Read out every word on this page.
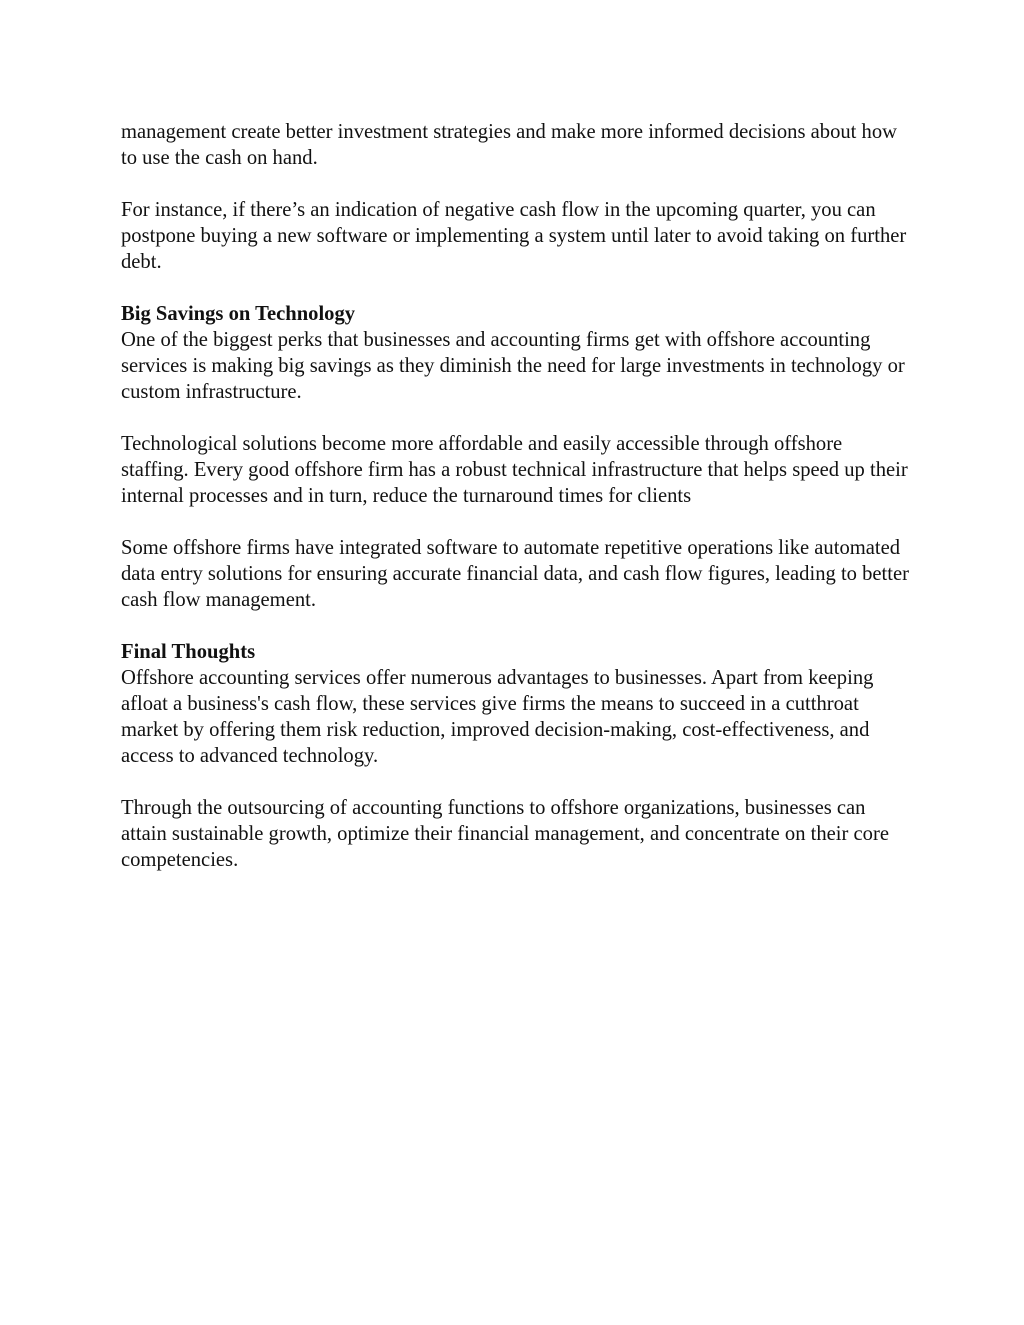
management create better investment strategies and make more informed decisions about how to use the cash on hand.

For instance, if there’s an indication of negative cash flow in the upcoming quarter, you can postpone buying a new software or implementing a system until later to avoid taking on further debt.

Big Savings on Technology

One of the biggest perks that businesses and accounting firms get with offshore accounting services is making big savings as they diminish the need for large investments in technology or custom infrastructure.

Technological solutions become more affordable and easily accessible through offshore staffing. Every good offshore firm has a robust technical infrastructure that helps speed up their internal processes and in turn, reduce the turnaround times for clients

Some offshore firms have integrated software to automate repetitive operations like automated data entry solutions for ensuring accurate financial data, and cash flow figures, leading to better cash flow management.

Final Thoughts

Offshore accounting services offer numerous advantages to businesses. Apart from keeping afloat a business's cash flow, these services give firms the means to succeed in a cutthroat market by offering them risk reduction, improved decision-making, cost-effectiveness, and access to advanced technology.

Through the outsourcing of accounting functions to offshore organizations, businesses can attain sustainable growth, optimize their financial management, and concentrate on their core competencies.
